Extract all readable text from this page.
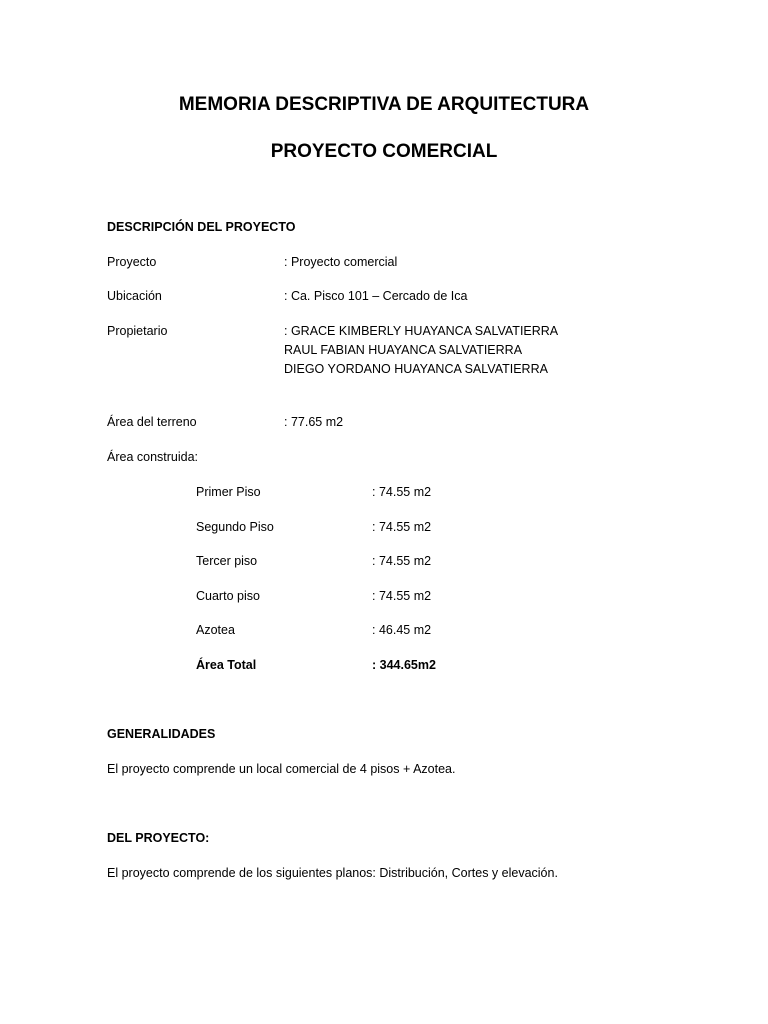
MEMORIA DESCRIPTIVA DE ARQUITECTURA
PROYECTO COMERCIAL
DESCRIPCIÓN DEL PROYECTO
Proyecto	: Proyecto comercial
Ubicación	: Ca. Pisco 101 – Cercado de Ica
Propietario	: GRACE KIMBERLY HUAYANCA SALVATIERRA
RAUL FABIAN HUAYANCA SALVATIERRA
DIEGO YORDANO HUAYANCA SALVATIERRA
Área del terreno	: 77.65 m2
Área construida:
Primer Piso	: 74.55 m2
Segundo Piso	: 74.55 m2
Tercer piso	: 74.55 m2
Cuarto piso	: 74.55 m2
Azotea	: 46.45 m2
Área Total	: 344.65m2
GENERALIDADES
El proyecto comprende un local comercial de 4 pisos + Azotea.
DEL PROYECTO:
El proyecto comprende de los siguientes planos: Distribución, Cortes y elevación.
